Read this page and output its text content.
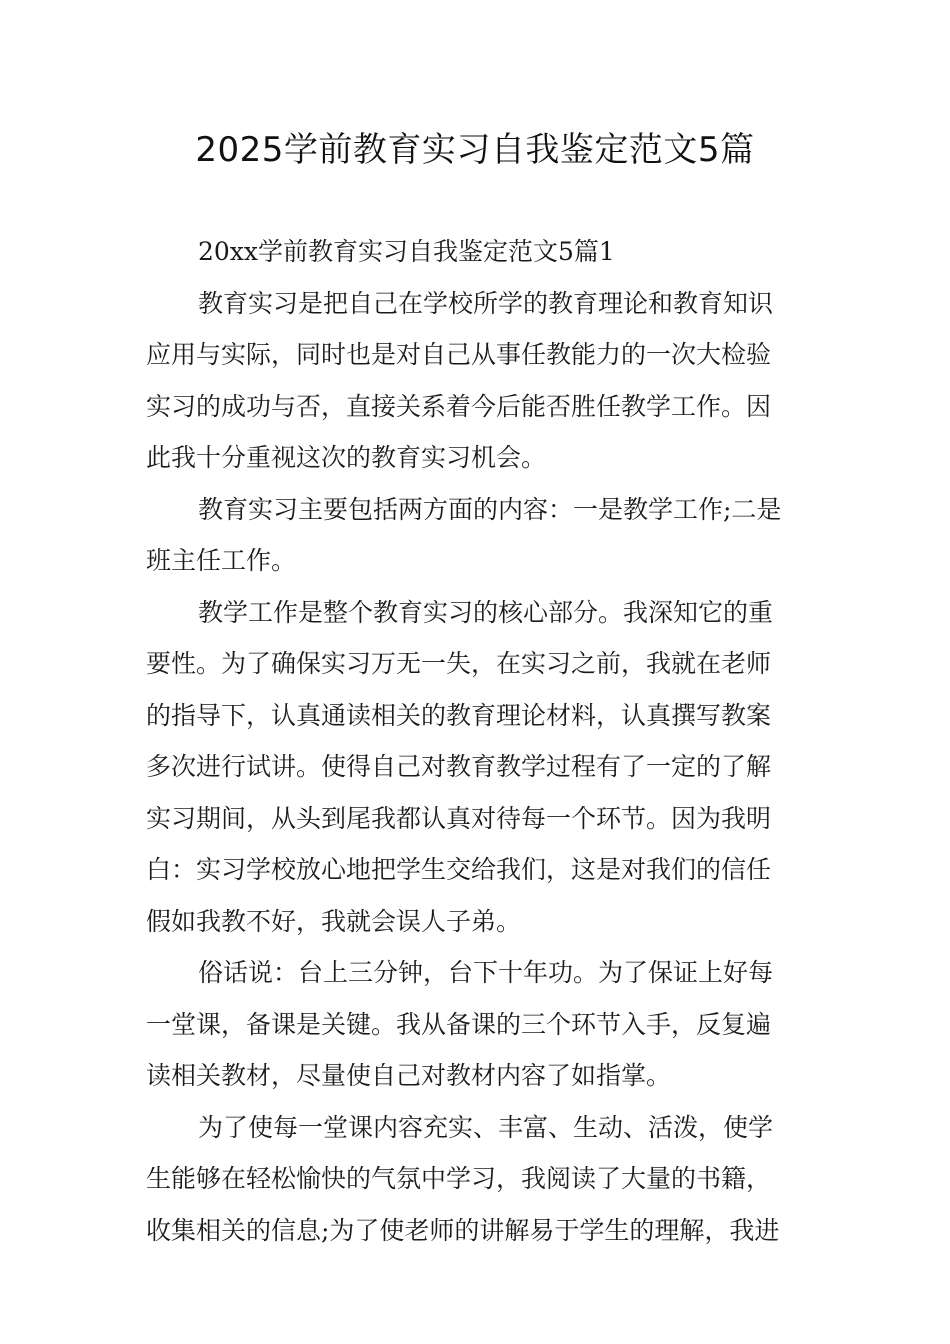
2025学前教育实习自我鉴定范文5篇
20xx学前教育实习自我鉴定范文5篇1
教育实习是把自己在学校所学的教育理论和教育知识
应用与实际，同时也是对自己从事任教能力的一次大检验
实习的成功与否，直接关系着今后能否胜任教学工作。因
此我十分重视这次的教育实习机会。
教育实习主要包括两方面的内容：一是教学工作;二是
班主任工作。
教学工作是整个教育实习的核心部分。我深知它的重
要性。为了确保实习万无一失，在实习之前，我就在老师
的指导下，认真通读相关的教育理论材料，认真撰写教案
多次进行试讲。使得自己对教育教学过程有了一定的了解
实习期间，从头到尾我都认真对待每一个环节。因为我明
白：实习学校放心地把学生交给我们，这是对我们的信任
假如我教不好，我就会误人子弟。
俗话说：台上三分钟，台下十年功。为了保证上好每
一堂课，备课是关键。我从备课的三个环节入手，反复遍
读相关教材，尽量使自己对教材内容了如指掌。
为了使每一堂课内容充实、丰富、生动、活泼，使学
生能够在轻松愉快的气氛中学习，我阅读了大量的书籍，
收集相关的信息;为了使老师的讲解易于学生的理解，我进
